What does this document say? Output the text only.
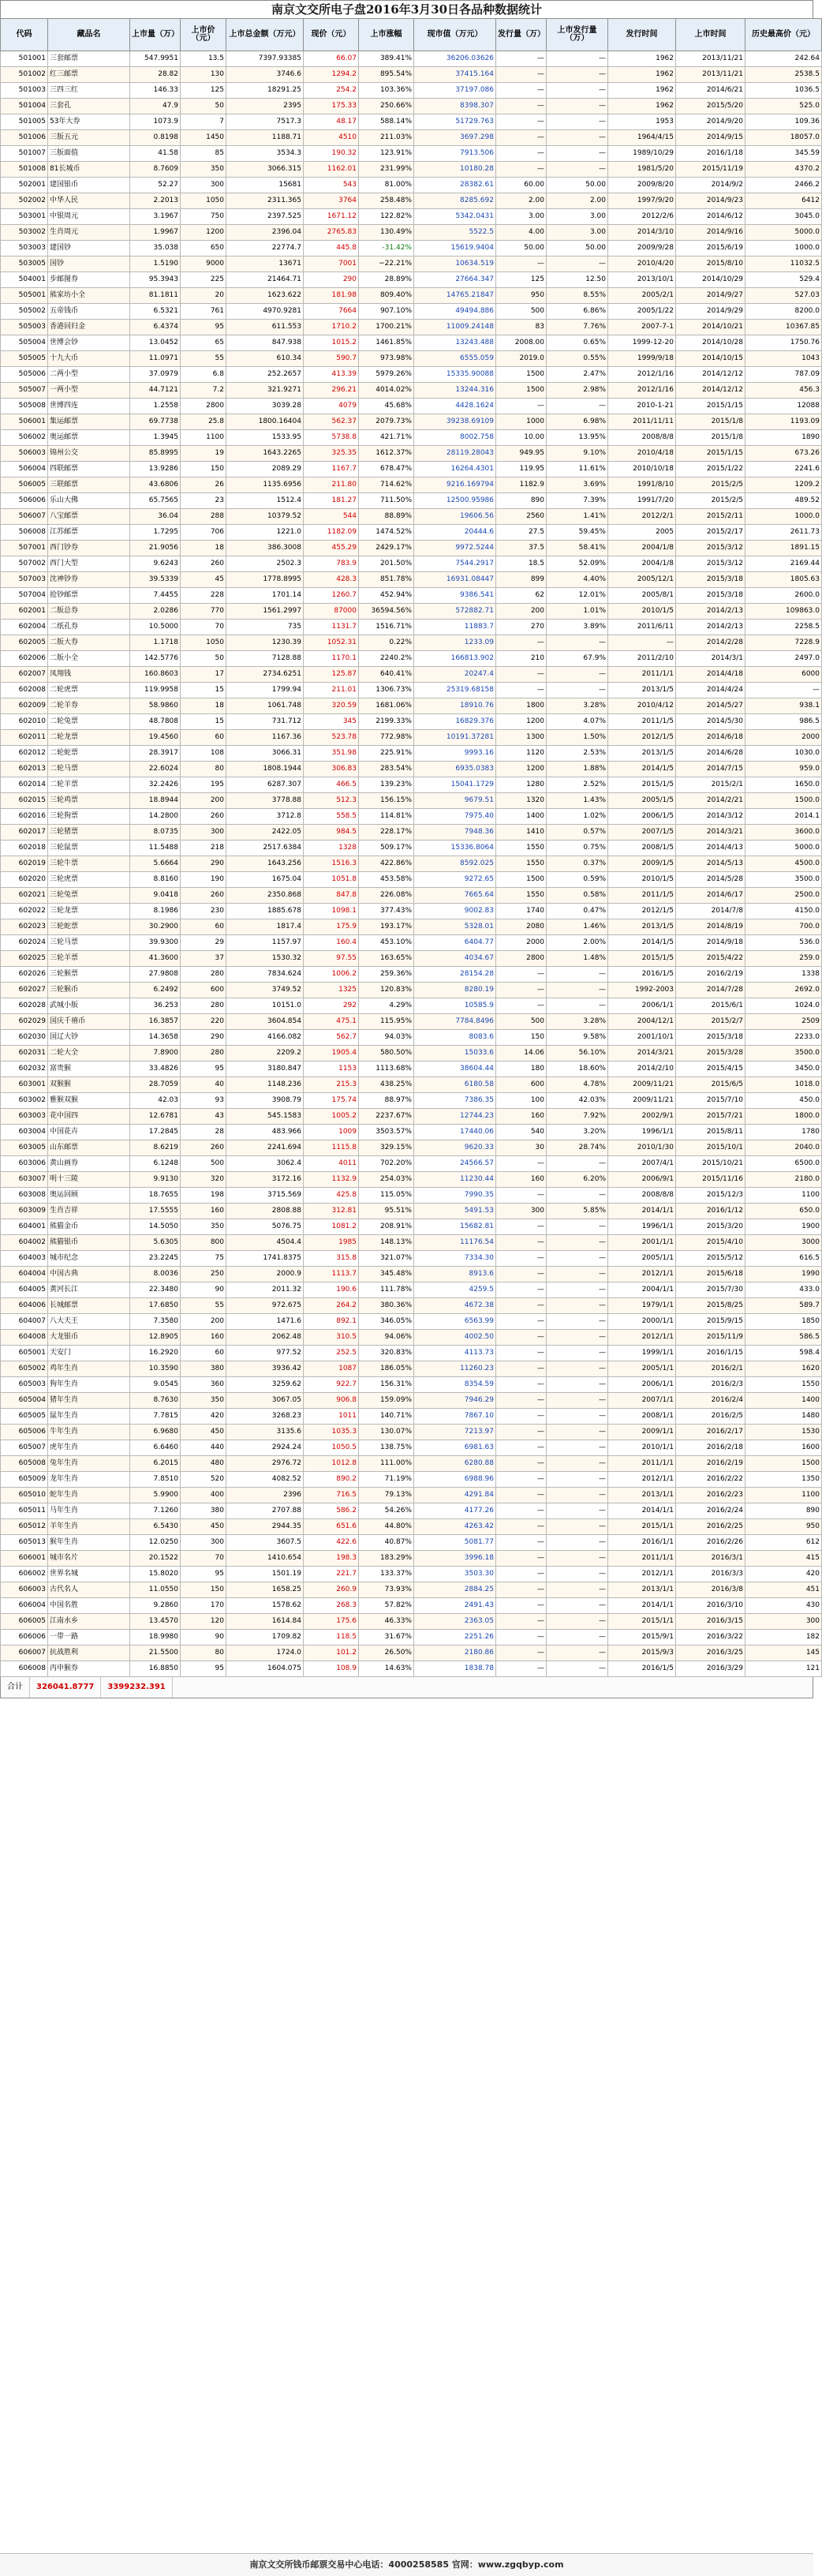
南京文交所电子盘2016年3月30日各品种数据统计
代码	藏品名	上市量（万）	上市价（元）	上市总金额（万元）	现价（元）	上市涨幅	现市值（万元）	发行量（万）	上市发行量（万）	发行时间	上市时间	历史最高价（元）
501001	三套邮票	547.9951	13.5	7397.93385	66.07	389.41%	36206.03626	—	—	1962	2013/11/21	242.64
501002	红三邮票	28.82	130	3746.6	1294.2	895.54%	37415.164	—	—	1962	2013/11/21	2538.5
501003	三四三红	146.33	125	18291.25	254.2	103.36%	37197.086	—	—	1962	2014/6/21	1036.5
501004	三套孔	47.9	50	2395	175.33	250.66%	8398.307	—	—	1962	2015/5/20	525.0
501005	53年大券	1073.9	7	7517.3	48.17	588.14%	51729.763	—	—	1953	2014/9/20	109.36
501006	三版五元	0.8198	1450	1188.71	4510	211.03%	3697.298	—	—	1964/4/15	2014/9/15	18057.0
501007	三版面值	41.58	85	3534.3	190.32	123.91%	7913.506	—	—	1989/10/29	2016/1/18	345.59
501008	81长城币	8.7609	350	3066.315	1162.01	231.99%	10180.28	—	—	1981/5/20	2015/11/19	4370.2
502001	建国银币	52.27	300	15681	543	81.00%	28382.61	60.00	50.00	2009/8/20	2014/9/2	2466.2
502002	中华人民	2.2013	1050	2311.365	3764	258.48%	8285.692	2.00	2.00	1997/9/20	2014/9/23	6412
503001	中银周元	3.1967	750	2397.525	1671.12	122.82%	5342.0431	3.00	3.00	2012/2/6	2014/6/12	3045.0
503002	生肖周元	1.9967	1200	2396.04	2765.83	130.49%	5522.5	4.00	3.00	2014/3/10	2014/9/16	5000.0
503003	建国钞	35.038	650	22774.7	445.8	-31.42%	15619.9404	50.00	50.00	2009/9/28	2015/6/19	1000.0
503005	国钞	1.5190	9000	13671	7001	−22.21%	10634.519	—	—	2010/4/20	2015/8/10	11032.5
504001	步邮图券	95.3943	225	21464.71	290	28.89%	27664.347	125	12.50	2013/10/1	2014/10/29	529.4
505001	熊家坊小全	81.1811	20	1623.622	181.98	809.40%	14765.21847	950	8.55%	2005/2/1	2014/9/27	527.03
505002	五帝钱币	6.5321	761	4970.9281	7664	907.10%	49494.886	500	6.86%	2005/1/22	2014/9/29	8200.0
505003	香港回归金	6.4374	95	611.553	1710.2	1700.21%	11009.24148	83	7.76%	2007-7-1	2014/10/21	10367.85
505004	世博会钞	13.0452	65	847.938	1015.2	1461.85%	13243.488	2008.00	0.65%	1999-12-20	2014/10/28	1750.76
505005	十九大币	11.0971	55	610.34	590.7	973.98%	6555.059	2019.0	0.55%	1999/9/18	2014/10/15	1043
505006	二两小型	37.0979	6.8	252.2657	413.39	5979.26%	15335.90088	1500	2.47%	2012/1/16	2014/12/12	787.09
505007	一两小型	44.7121	7.2	321.9271	296.21	4014.02%	13244.316	1500	2.98%	2012/1/16	2014/12/12	456.3
505008	世博四连	1.2558	2800	3039.28	4079	45.68%	4428.1624	—	—	2010-1-21	2015/1/15	12088
506001	集运邮票	69.7738	25.8	1800.16404	562.37	2079.73%	39238.69109	1000	6.98%	2011/11/11	2015/1/8	1193.09
506002	奥运邮票	1.3945	1100	1533.95	5738.8	421.71%	8002.758	10.00	13.95%	2008/8/8	2015/1/8	1890
506003	锦州公交	85.8995	19	1643.2265	325.35	1612.37%	28119.28043	949.95	9.10%	2010/4/18	2015/1/15	673.26
506004	四联邮票	13.9286	150	2089.29	1167.7	678.47%	16264.4301	119.95	11.61%	2010/10/18	2015/1/22	2241.6
506005	三联邮票	43.6806	26	1135.6956	211.80	714.62%	9216.169794	1182.9	3.69%	1991/8/10	2015/2/5	1209.2
506006	乐山大佛	65.7565	23	1512.4	181.27	711.50%	12500.95986	890	7.39%	1991/7/20	2015/2/5	489.52
506007	八宝邮票	36.04	288	10379.52	544	88.89%	19606.56	2560	1.41%	2012/2/1	2015/2/11	1000.0
506008	江苏邮票	1.7295	706	1221.0	1182.09	1474.52%	20444.6	27.5	59.45%	2005	2015/2/17	2611.73
507001	西门钞券	21.9056	18	386.3008	455.29	2429.17%	9972.5244	37.5	58.41%	2004/1/8	2015/3/12	1891.15
507002	西门大型	9.6243	260	2502.3	783.9	201.50%	7544.2917	18.5	52.09%	2004/1/8	2015/3/12	2169.44
507003	沈神钞券	39.5339	45	1778.8995	428.3	851.78%	16931.08447	899	4.40%	2005/12/1	2015/3/18	1805.63
507004	抢钞邮票	7.4455	228	1701.14	1260.7	452.94%	9386.541	62	12.01%	2005/8/1	2015/3/18	2600.0
602001	二版总券	2.0286	770	1561.2997	87000	36594.56%	572882.71	200	1.01%	2010/1/5	2014/2/13	109863.0
602004	二纸孔券	10.5000	70	735	1131.7	1516.71%	11883.7	270	3.89%	2011/6/11	2014/2/13	2258.5
602005	二版大券	1.1718	1050	1230.39	1052.31	0.22%	1233.09	—	—	—	2014/2/28	7228.9
602006	二版小全	142.5776	50	7128.88	1170.1	2240.2%	166813.902	210	67.9%	2011/2/10	2014/3/1	2497.0
602007	凤翔钱	160.8603	17	2734.6251	125.87	640.41%	20247.4	—	—	2011/1/1	2014/4/18	6000
602008	二轮虎票	119.9958	15	1799.94	211.01	1306.73%	25319.68158	—	—	2013/1/5	2014/4/24	—
602009	二轮羊券	58.9860	18	1061.748	320.59	1681.06%	18910.76	1800	3.28%	2010/4/12	2014/5/27	938.1
602010	二轮兔票	48.7808	15	731.712	345	2199.33%	16829.376	1200	4.07%	2011/1/5	2014/5/30	986.5
602011	二轮龙票	19.4560	60	1167.36	523.78	772.98%	10191.37281	1300	1.50%	2012/1/5	2014/6/18	2000
602012	二轮蛇票	28.3917	108	3066.31	351.98	225.91%	9993.16	1120	2.53%	2013/1/5	2014/6/28	1030.0
602013	二轮马票	22.6024	80	1808.1944	306.83	283.54%	6935.0383	1200	1.88%	2014/1/5	2014/7/15	959.0
602014	二轮羊票	32.2426	195	6287.307	466.5	139.23%	15041.1729	1280	2.52%	2015/1/5	2015/2/1	1650.0
602015	三轮鸡票	18.8944	200	3778.88	512.3	156.15%	9679.51	1320	1.43%	2005/1/5	2014/2/21	1500.0
602016	三轮狗票	14.2800	260	3712.8	558.5	114.81%	7975.40	1400	1.02%	2006/1/5	2014/3/12	2014.1
602017	三轮猪票	8.0735	300	2422.05	984.5	228.17%	7948.36	1410	0.57%	2007/1/5	2014/3/21	3600.0
602018	三轮鼠票	11.5488	218	2517.6384	1328	509.17%	15336.8064	1550	0.75%	2008/1/5	2014/4/13	5000.0
602019	三轮牛票	5.6664	290	1643.256	1516.3	422.86%	8592.025	1550	0.37%	2009/1/5	2014/5/13	4500.0
602020	三轮虎票	8.8160	190	1675.04	1051.8	453.58%	9272.65	1500	0.59%	2010/1/5	2014/5/28	3500.0
602021	三轮兔票	9.0418	260	2350.868	847.8	226.08%	7665.64	1550	0.58%	2011/1/5	2014/6/17	2500.0
602022	三轮龙票	8.1986	230	1885.678	1098.1	377.43%	9002.83	1740	0.47%	2012/1/5	2014/7/8	4150.0
602023	三轮蛇票	30.2900	60	1817.4	175.9	193.17%	5328.01	2080	1.46%	2013/1/5	2014/8/19	700.0
602024	三轮马票	39.9300	29	1157.97	160.4	453.10%	6404.77	2000	2.00%	2014/1/5	2014/9/18	536.0
602025	三轮羊票	41.3600	37	1530.32	97.55	163.65%	4034.67	2800	1.48%	2015/1/5	2015/4/22	259.0
602026	三轮猴票	27.9808	280	7834.624	1006.2	259.36%	28154.28	—	—	2016/1/5	2016/2/19	1338
602027	三轮猴币	6.2492	600	3749.52	1325	120.83%	8280.19	—	—	1992-2003	2014/7/28	2692.0
602028	武城小版	36.253	280	10151.0	292	4.29%	10585.9	—	—	2006/1/1	2015/6/1	1024.0
602029	国庆千禧币	16.3857	220	3604.854	475.1	115.95%	7784.8496	500	3.28%	2004/12/1	2015/2/7	2509
602030	国辽大钞	14.3658	290	4166.082	562.7	94.03%	8083.6	150	9.58%	2001/10/1	2015/3/18	2233.0
602031	二轮大全	7.8900	280	2209.2	1905.4	580.50%	15033.6	14.06	56.10%	2014/3/21	2015/3/28	3500.0
602032	富贵猴	33.4826	95	3180.847	1153	1113.68%	38604.44	180	18.60%	2014/2/10	2015/4/15	3450.0
603001	双猴猴	28.7059	40	1148.236	215.3	438.25%	6180.58	600	4.78%	2009/11/21	2015/6/5	1018.0
603002	雅猴双猴	42.03	93	3908.79	175.74	88.97%	7386.35	100	42.03%	2009/11/21	2015/7/10	450.0
603003	花中国四	12.6781	43	545.1583	1005.2	2237.67%	12744.23	160	7.92%	2002/9/1	2015/7/21	1800.0
603004	中国花卉	17.2845	28	483.966	1009	3503.57%	17440.06	540	3.20%	1996/1/1	2015/8/11	1780
603005	山东邮票	8.6219	260	2241.694	1115.8	329.15%	9620.33	30	28.74%	2010/1/30	2015/10/1	2040.0
603006	黄山画券	6.1248	500	3062.4	4011	702.20%	24566.57	—	—	2007/4/1	2015/10/21	6500.0
603007	明十三陵	9.9130	320	3172.16	1132.9	254.03%	11230.44	160	6.20%	2006/9/1	2015/11/16	2180.0
603008	奥运回顾	18.7655	198	3715.569	425.8	115.05%	7990.35	—	—	2008/8/8	2015/12/3	1100
603009	生肖吉祥	17.5555	160	2808.88	312.81	95.51%	5491.53	300	5.85%	2014/1/1	2016/1/12	650.0
604001	熊猫金币	14.5050	350	5076.75	1081.2	208.91%	15682.81	—	—	1996/1/1	2015/3/20	1900
604002	熊猫银币	5.6305	800	4504.4	1985	148.13%	11176.54	—	—	2001/1/1	2015/4/10	3000
604003	城市纪念	23.2245	75	1741.8375	315.8	321.07%	7334.30	—	—	2005/1/1	2015/5/12	616.5
604004	中国古典	8.0036	250	2000.9	1113.7	345.48%	8913.6	—	—	2012/1/1	2015/6/18	1990
604005	黄河长江	22.3480	90	2011.32	190.6	111.78%	4259.5	—	—	2004/1/1	2015/7/30	433.0
604006	长城邮票	17.6850	55	972.675	264.2	380.36%	4672.38	—	—	1979/1/1	2015/8/25	589.7
604007	八大天王	7.3580	200	1471.6	892.1	346.05%	6563.99	—	—	2000/1/1	2015/9/15	1850
604008	大龙银币	12.8905	160	2062.48	310.5	94.06%	4002.50	—	—	2012/1/1	2015/11/9	586.5
605001	天安门	16.2920	60	977.52	252.5	320.83%	4113.73	—	—	1999/1/1	2016/1/15	598.4
605002	鸡年生肖	10.3590	380	3936.42	1087	186.05%	11260.23	—	—	2005/1/1	2016/2/1	1620
605003	狗年生肖	9.0545	360	3259.62	922.7	156.31%	8354.59	—	—	2006/1/1	2016/2/3	1550
605004	猪年生肖	8.7630	350	3067.05	906.8	159.09%	7946.29	—	—	2007/1/1	2016/2/4	1400
605005	鼠年生肖	7.7815	420	3268.23	1011	140.71%	7867.10	—	—	2008/1/1	2016/2/5	1480
605006	牛年生肖	6.9680	450	3135.6	1035.3	130.07%	7213.97	—	—	2009/1/1	2016/2/17	1530
605007	虎年生肖	6.6460	440	2924.24	1050.5	138.75%	6981.63	—	—	2010/1/1	2016/2/18	1600
605008	兔年生肖	6.2015	480	2976.72	1012.8	111.00%	6280.88	—	—	2011/1/1	2016/2/19	1500
605009	龙年生肖	7.8510	520	4082.52	890.2	71.19%	6988.96	—	—	2012/1/1	2016/2/22	1350
605010	蛇年生肖	5.9900	400	2396	716.5	79.13%	4291.84	—	—	2013/1/1	2016/2/23	1100
605011	马年生肖	7.1260	380	2707.88	586.2	54.26%	4177.26	—	—	2014/1/1	2016/2/24	890
605012	羊年生肖	6.5430	450	2944.35	651.6	44.80%	4263.42	—	—	2015/1/1	2016/2/25	950
605013	猴年生肖	12.0250	300	3607.5	422.6	40.87%	5081.77	—	—	2016/1/1	2016/2/26	612
606001	城市名片	20.1522	70	1410.654	198.3	183.29%	3996.18	—	—	2011/1/1	2016/3/1	415
606002	世界名城	15.8020	95	1501.19	221.7	133.37%	3503.30	—	—	2012/1/1	2016/3/3	420
606003	古代名人	11.0550	150	1658.25	260.9	73.93%	2884.25	—	—	2013/1/1	2016/3/8	451
606004	中国名胜	9.2860	170	1578.62	268.3	57.82%	2491.43	—	—	2014/1/1	2016/3/10	430
606005	江南水乡	13.4570	120	1614.84	175.6	46.33%	2363.05	—	—	2015/1/1	2016/3/15	300
606006	一带一路	18.9980	90	1709.82	118.5	31.67%	2251.26	—	—	2015/9/1	2016/3/22	182
606007	抗战胜利	21.5500	80	1724.0	101.2	26.50%	2180.86	—	—	2015/9/3	2016/3/25	145
606008	丙申猴券	16.8850	95	1604.075	108.9	14.63%	1838.78	—	—	2016/1/5	2016/3/29	121
合计	326041.8777	3399232.391
南京文交所钱币邮票交易中心电话：4000258585 官网：www.zgqbyp.com
